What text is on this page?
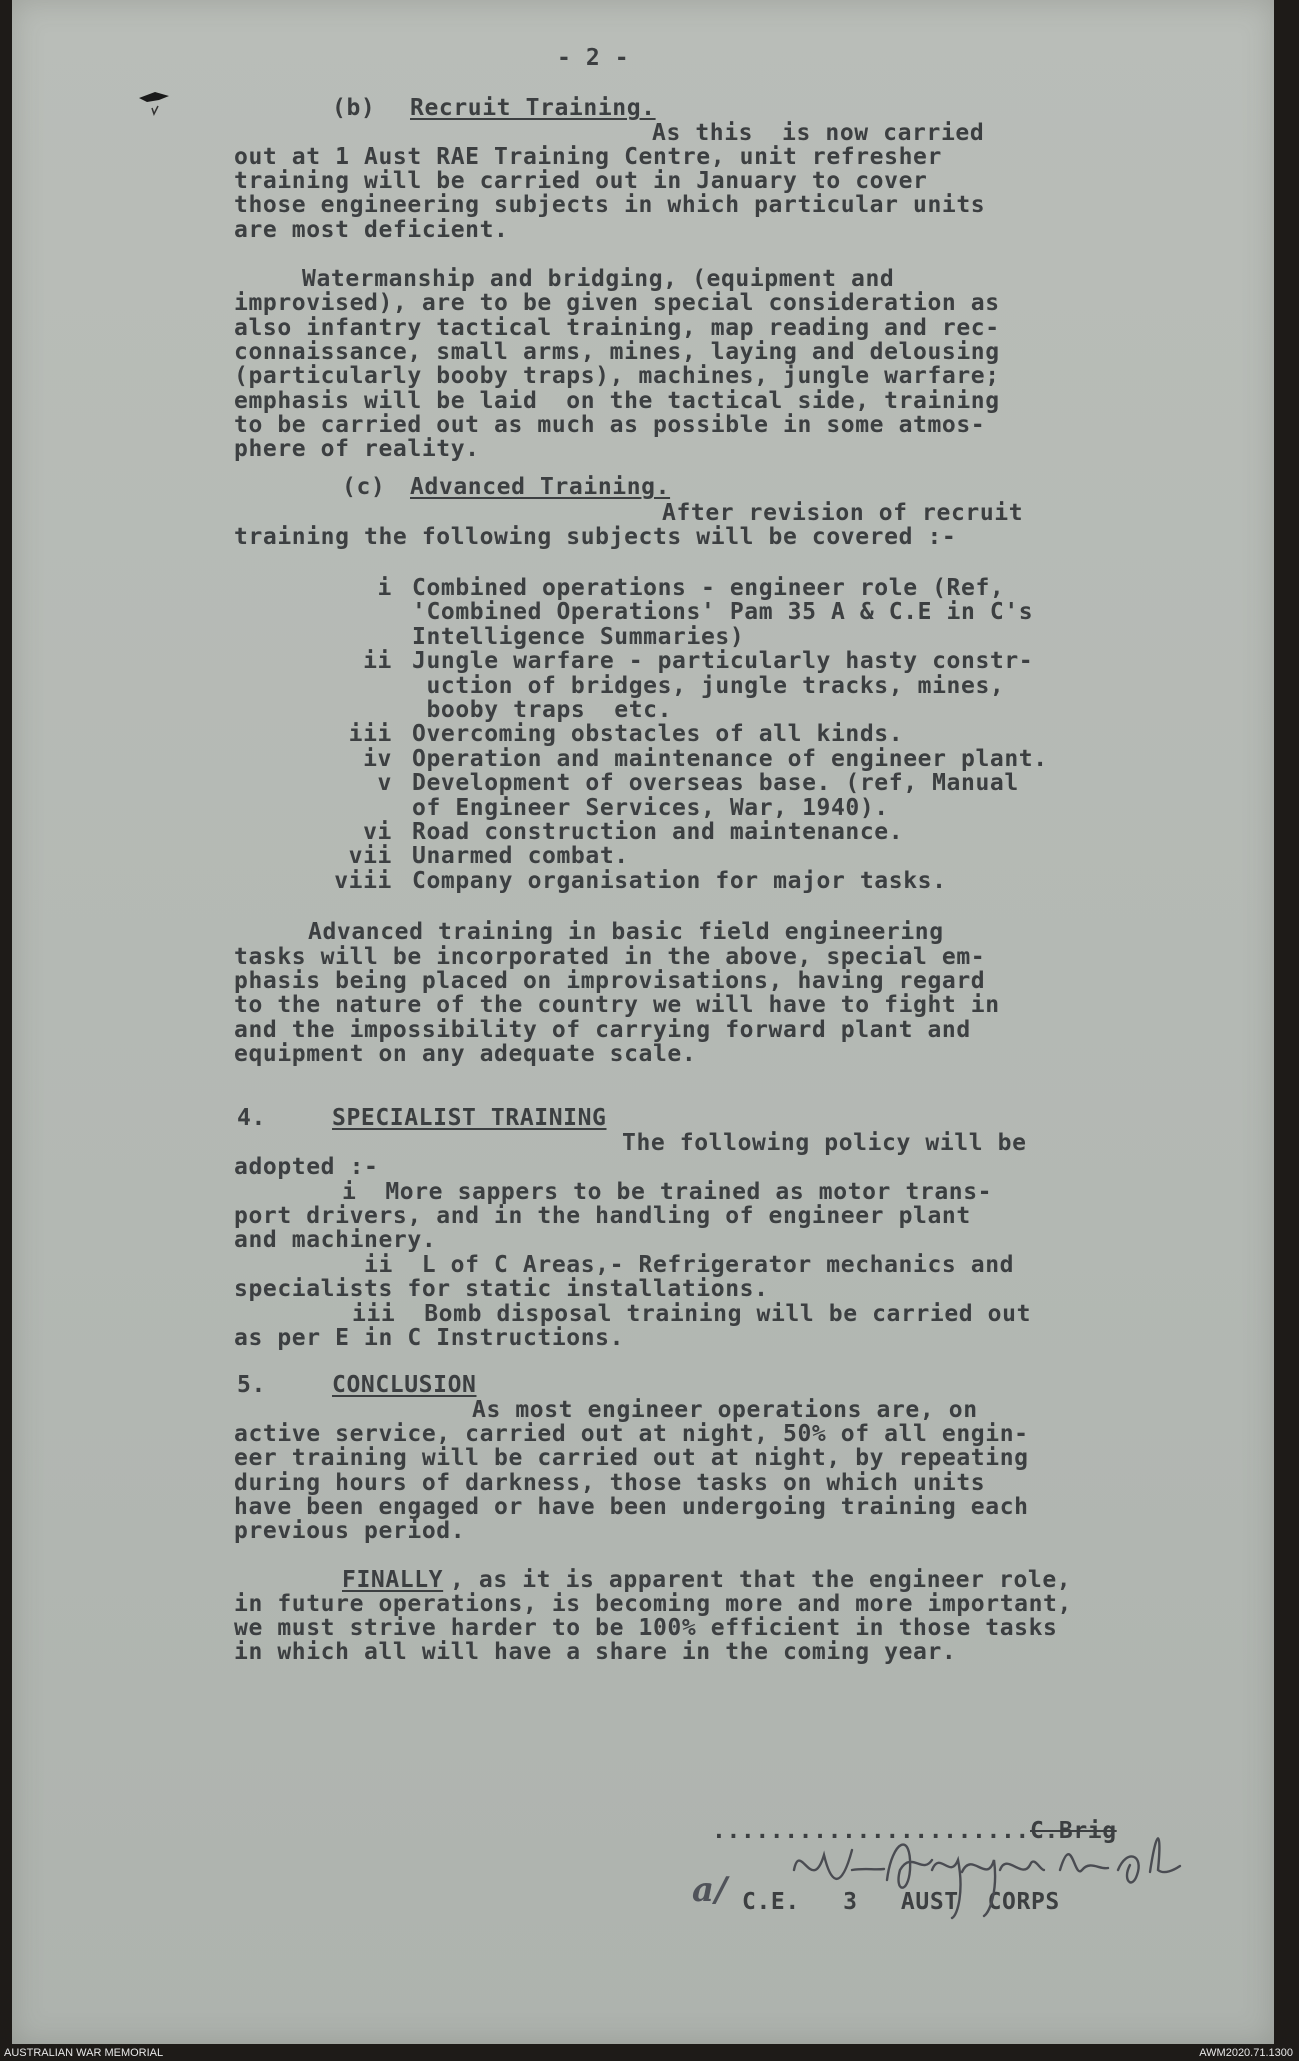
- 2 -
(b) Recruit Training.
As this  is now carried
out at 1 Aust RAE Training Centre, unit refresher
training will be carried out in January to cover
those engineering subjects in which particular units
are most deficient.
Watermanship and bridging, (equipment and
improvised), are to be given special consideration as
also infantry tactical training, map reading and rec-
connaissance, small arms, mines, laying and delousing
(particularly booby traps), machines, jungle warfare;
emphasis will be laid  on the tactical side, training
to be carried out as much as possible in some atmos-
phere of reality.
(c) Advanced Training.
After revision of recruit
training the following subjects will be covered :-
i Combined operations - engineer role (Ref,
'Combined Operations' Pam 35 A & C.E in C's
Intelligence Summaries)
ii Jungle warfare - particularly hasty constr-
uction of bridges, jungle tracks, mines,
booby traps  etc.
iii Overcoming obstacles of all kinds.
iv Operation and maintenance of engineer plant.
v Development of overseas base. (ref, Manual
of Engineer Services, War, 1940).
vi Road construction and maintenance.
vii Unarmed combat.
viii Company organisation for major tasks.
Advanced training in basic field engineering
tasks will be incorporated in the above, special em-
phasis being placed on improvisations, having regard
to the nature of the country we will have to fight in
and the impossibility of carrying forward plant and
equipment on any adequate scale.
4.	SPECIALIST TRAINING
The following policy will be
adopted :-
i  More sappers to be trained as motor trans-
port drivers, and in the handling of engineer plant
and machinery.
ii  L of C Areas,- Refrigerator mechanics and
specialists for static installations.
iii  Bomb disposal training will be carried out
as per E in C Instructions.
5.	CONCLUSION
As most engineer operations are, on
active service, carried out at night, 50% of all engin-
eer training will be carried out at night, by repeating
during hours of darkness, those tasks on which units
have been engaged or have been undergoing training each
previous period.
FINALLY , as it is apparent that the engineer role,
in future operations, is becoming more and more important,
we must strive harder to be 100% efficient in those tasks
in which all will have a share in the coming year.
...................... C.Brig
a/ C.E.   3   AUST  CORPS
AUSTRALIAN WAR MEMORIAL	AWM2020.71.1300
